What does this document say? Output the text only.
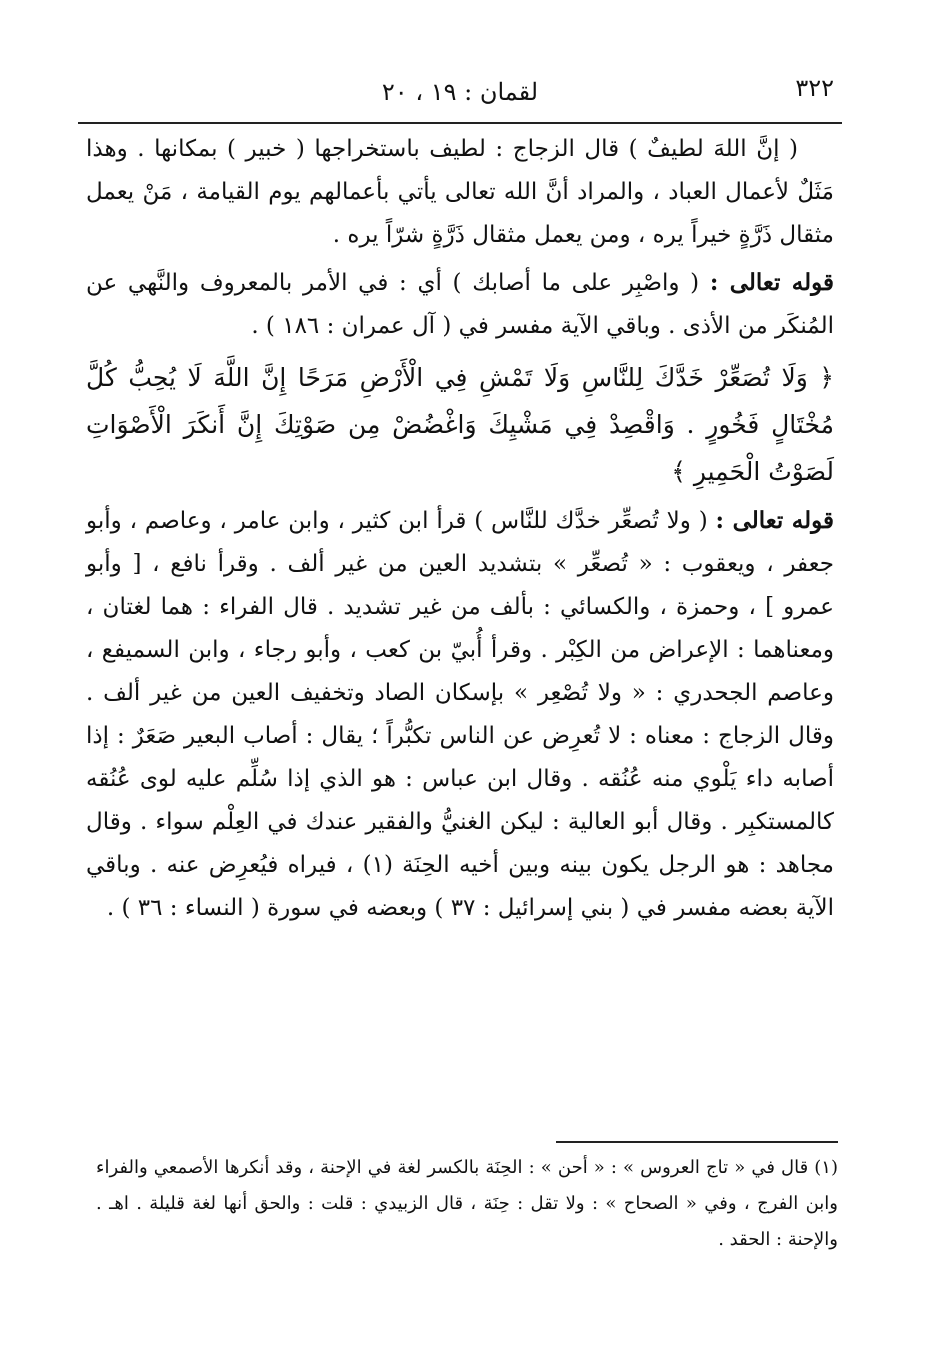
٣٢٢
لقمان : ١٩ ، ٢٠

( إنَّ اللهَ لطيفٌ ) قال الزجاج : لطيف باستخراجها ( خبير ) بمكانها . وهذا مَثَلٌ لأعمال العباد ، والمراد أنَّ الله تعالى يأتي بأعمالهم يوم القيامة ، مَنْ يعمل مثقال ذَرَّةٍ خيراً يره ، ومن يعمل مثقال ذَرَّةٍ شرّاً يره .

قوله تعالى : ( واصْبِر على ما أصابك ) أي : في الأمر بالمعروف والنَّهي عن المُنكَر من الأذى . وباقي الآية مفسر في ( آل عمران : ١٨٦ ) .

﴿ وَلَا تُصَعِّرْ خَدَّكَ لِلنَّاسِ وَلَا تَمْشِ فِي الْأَرْضِ مَرَحًا إِنَّ اللَّهَ لَا يُحِبُّ كُلَّ مُخْتَالٍ فَخُورٍ . وَاقْصِدْ فِي مَشْيِكَ وَاغْضُضْ مِن صَوْتِكَ إِنَّ أَنكَرَ الْأَصْوَاتِ لَصَوْتُ الْحَمِيرِ ﴾

قوله تعالى : ( ولا تُصعِّر خدَّك للنَّاس ) قرأ ابن كثير ، وابن عامر ، وعاصم ، وأبو جعفر ، ويعقوب : « تُصعِّر » بتشديد العين من غير ألف . وقرأ نافع ، [ وأبو عمرو ] ، وحمزة ، والكسائي : بألف من غير تشديد . قال الفراء : هما لغتان ، ومعناهما : الإعراض من الكِبْر . وقرأ أُبيّ بن كعب ، وأبو رجاء ، وابن السميفع ، وعاصم الجحدري : « ولا تُصْعِر » بإسكان الصاد وتخفيف العين من غير ألف . وقال الزجاج : معناه : لا تُعرِض عن الناس تكبُّراً ؛ يقال : أصاب البعير صَعَرٌ : إذا أصابه داء يَلْوي منه عُنُقه . وقال ابن عباس : هو الذي إذا سُلِّم عليه لوى عُنُقه كالمستكبِر . وقال أبو العالية : ليكن الغنيُّ والفقير عندك في العِلْم سواء . وقال مجاهد : هو الرجل يكون بينه وبين أخيه الحِنَة (١) ، فيراه فيُعرِض عنه . وباقي الآية بعضه مفسر في ( بني إسرائيل : ٣٧ ) وبعضه في سورة ( النساء : ٣٦ ) .

(١) قال في « تاج العروس » : « أحن » : الحِنَة بالكسر لغة في الإحنة ، وقد أنكرها الأصمعي والفراء وابن الفرج ، وفي « الصحاح » : ولا تقل : حِنَة ، قال الزبيدي : قلت : والحق أنها لغة قليلة . اهـ . والإحنة : الحقد .
